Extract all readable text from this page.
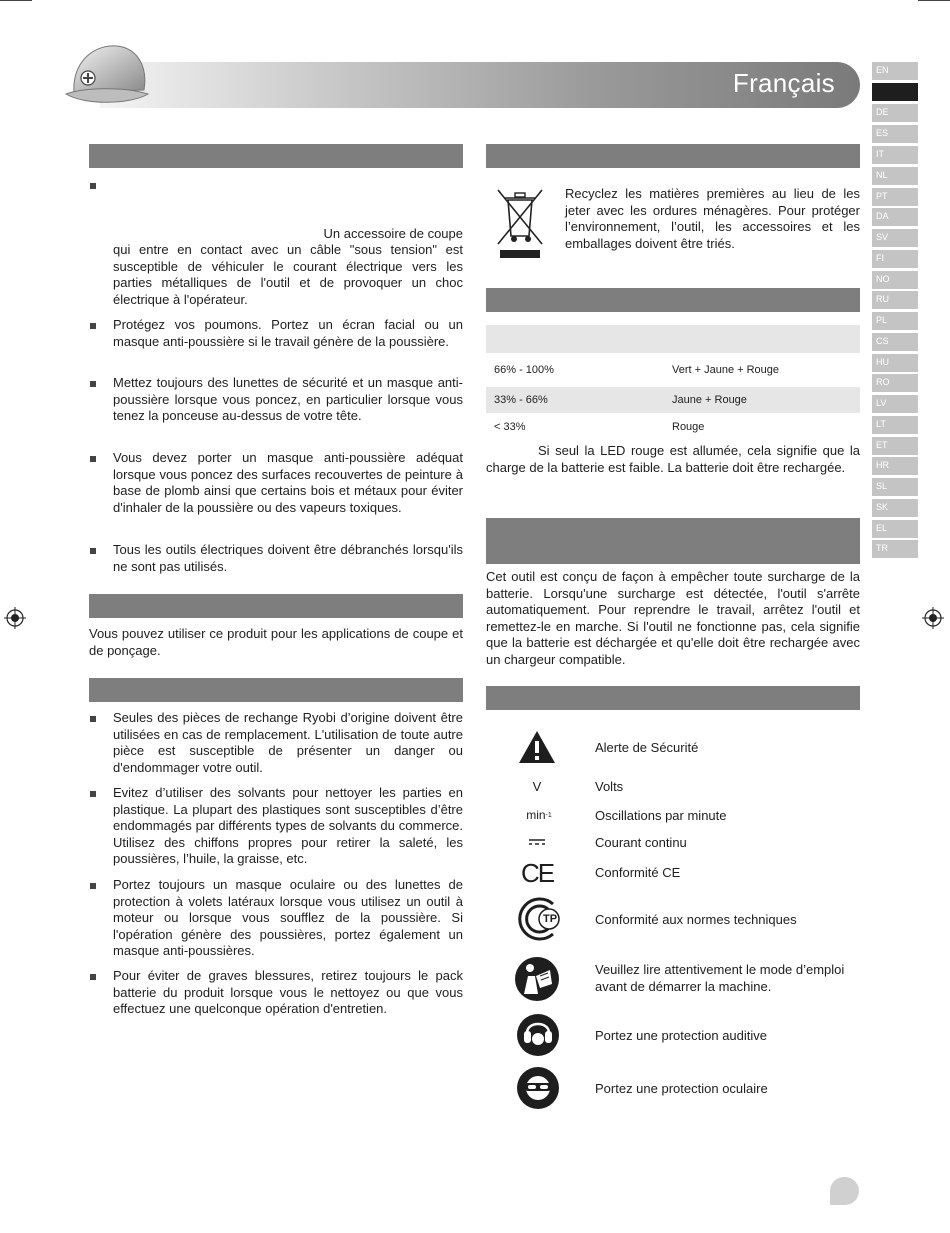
Français	EN
DE
ES
IT
NL
PT
DA
SV
FI
NO
RU
PL
CS
HU
RO
LV
LT
ET
HR
SL
SK
EL
TR
Un accessoire de coupe
qui entre en contact avec un câble "sous tension" est susceptible de véhiculer le courant électrique vers les parties métalliques de l'outil et de provoquer un choc électrique à l'opérateur.
Protégez vos poumons. Portez un écran facial ou un masque anti-poussière si le travail génère de la poussière.
Mettez toujours des lunettes de sécurité et un masque anti-poussière lorsque vous poncez, en particulier lorsque vous tenez la ponceuse au-dessus de votre tête.
Vous devez porter un masque anti-poussière adéquat lorsque vous poncez des surfaces recouvertes de peinture à base de plomb ainsi que certains bois et métaux pour éviter d'inhaler de la poussière ou des vapeurs toxiques.
Tous les outils électriques doivent être débranchés lorsqu'ils ne sont pas utilisés.
Vous pouvez utiliser ce produit pour les applications de coupe et de ponçage.
Seules des pièces de rechange Ryobi d’origine doivent être utilisées en cas de remplacement. L'utilisation de toute autre pièce est susceptible de présenter un danger ou d'endommager votre outil.
Evitez d’utiliser des solvants pour nettoyer les parties en plastique. La plupart des plastiques sont susceptibles d’être endommagés par différents types de solvants du commerce. Utilisez des chiffons propres pour retirer la saleté, les poussières, l’huile, la graisse, etc.
Portez toujours un masque oculaire ou des lunettes de protection à volets latéraux lorsque vous utilisez un outil à moteur ou lorsque vous soufflez de la poussière. Si l'opération génère des poussières, portez également un masque anti-poussières.
Pour éviter de graves blessures, retirez toujours le pack batterie du produit lorsque vous le nettoyez ou que vous effectuez une quelconque opération d'entretien.
Recyclez les matières premières au lieu de les jeter avec les ordures ménagères. Pour protéger l’environnement, l’outil, les accessoires et les emballages doivent être triés.
66% - 100%	Vert + Jaune + Rouge
33% - 66%	Jaune + Rouge
< 33%	Rouge
Si seul la LED rouge est allumée, cela signifie que la charge de la batterie est faible. La batterie doit être rechargée.
Cet outil est conçu de façon à empêcher toute surcharge de la batterie. Lorsqu'une surcharge est détectée, l'outil s'arrête automatiquement. Pour reprendre le travail, arrêtez l'outil et remettez-le en marche. Si l'outil ne fonctionne pas, cela signifie que la batterie est déchargée et qu'elle doit être rechargée avec un chargeur compatible.
Alerte de Sécurité
V	Volts
min -1	Oscillations par minute
Courant continu
CE	Conformité CE
TP	Conformité aux normes techniques
Veuillez lire attentivement le mode d’emploi avant de démarrer la machine.
Portez une protection auditive
Portez une protection oculaire
